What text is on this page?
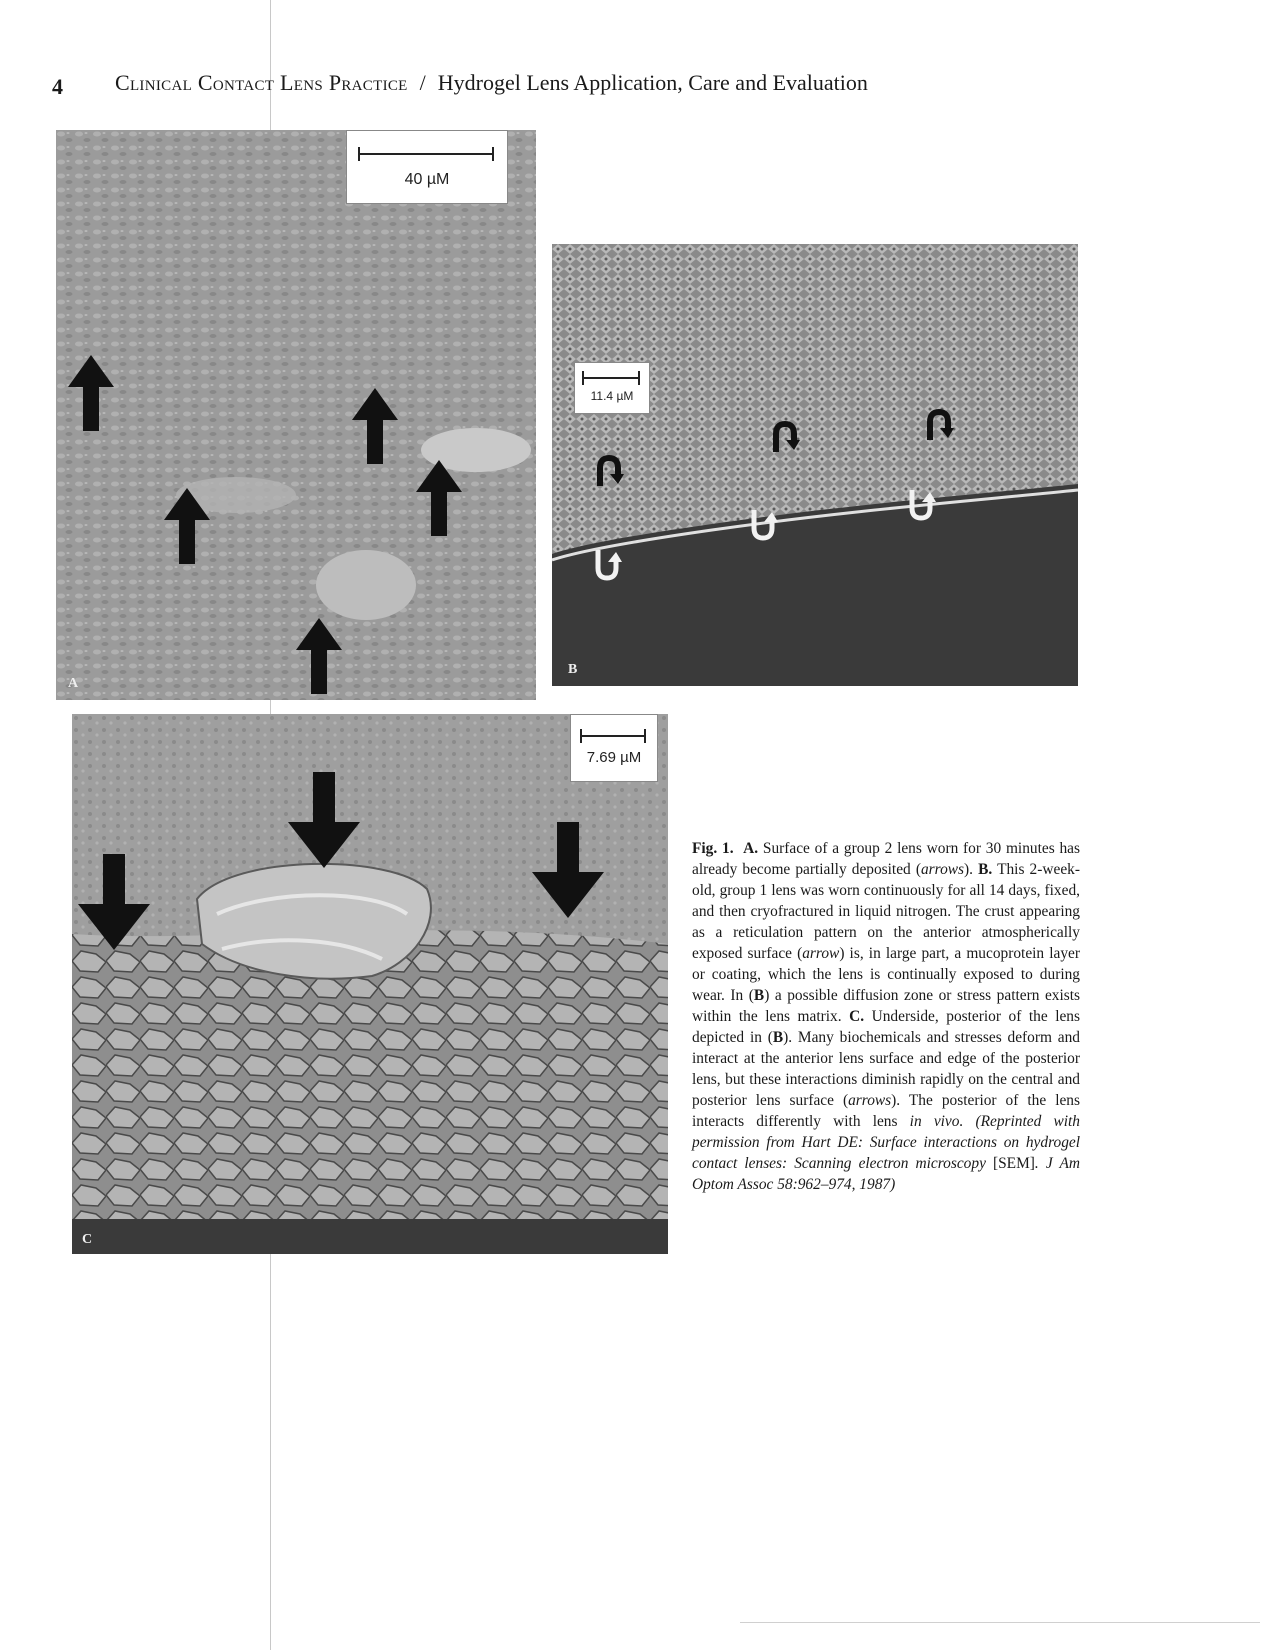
4 Clinical Contact Lens Practice / Hydrogel Lens Application, Care and Evaluation
40 µM
A
11.4 µM
B
7.69 µM
C
Fig. 1. A. Surface of a group 2 lens worn for 30 minutes has already become partially deposited (arrows). B. This 2-week-old, group 1 lens was worn continuously for all 14 days, fixed, and then cryofractured in liquid nitrogen. The crust appearing as a reticulation pattern on the anterior atmospherically exposed surface (arrow) is, in large part, a mucoprotein layer or coating, which the lens is continually exposed to during wear. In (B) a possible diffusion zone or stress pattern exists within the lens matrix. C. Underside, posterior of the lens depicted in (B). Many biochemicals and stresses deform and interact at the anterior lens surface and edge of the posterior lens, but these interactions diminish rapidly on the central and posterior lens surface (arrows). The posterior of the lens interacts differently with lens in vivo. (Reprinted with permission from Hart DE: Surface interactions on hydrogel contact lenses: Scanning electron microscopy [SEM]. J Am Optom Assoc 58:962–974, 1987)
